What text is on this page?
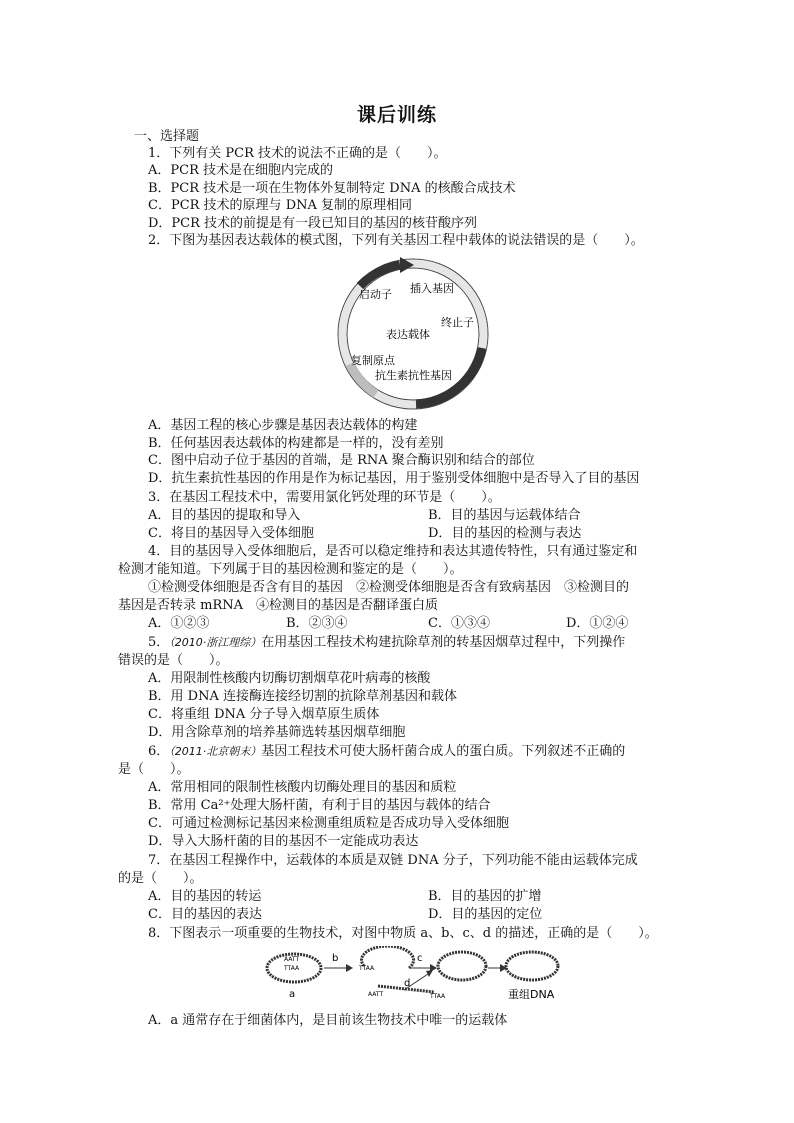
课后训练
一、选择题
1．下列有关 PCR 技术的说法不正确的是（　　）。
A．PCR 技术是在细胞内完成的
B．PCR 技术是一项在生物体外复制特定 DNA 的核酸合成技术
C．PCR 技术的原理与 DNA 复制的原理相同
D．PCR 技术的前提是有一段已知目的基因的核苷酸序列
2．下图为基因表达载体的模式图，下列有关基因工程中载体的说法错误的是（　　）。
启动子 插入基因
终止子
表达载体
复制原点
抗生素抗性基因
A．基因工程的核心步骤是基因表达载体的构建
B．任何基因表达载体的构建都是一样的，没有差别
C．图中启动子位于基因的首端，是 RNA 聚合酶识别和结合的部位
D．抗生素抗性基因的作用是作为标记基因，用于鉴别受体细胞中是否导入了目的基因
3．在基因工程技术中，需要用氯化钙处理的环节是（　　）。
A．目的基因的提取和导入	B．目的基因与运载体结合
C．将目的基因导入受体细胞	D．目的基因的检测与表达
4．目的基因导入受体细胞后，是否可以稳定维持和表达其遗传特性，只有通过鉴定和
检测才能知道。下列属于目的基因检测和鉴定的是（　　）。
①检测受体细胞是否含有目的基因　②检测受体细胞是否含有致病基因　③检测目的
基因是否转录 mRNA　④检测目的基因是否翻译蛋白质
A．①②③	B．②③④	C．①③④	D．①②④
5．（2010·浙江理综）在用基因工程技术构建抗除草剂的转基因烟草过程中，下列操作
错误的是（　　）。
A．用限制性核酸内切酶切割烟草花叶病毒的核酸
B．用 DNA 连接酶连接经切割的抗除草剂基因和载体
C．将重组 DNA 分子导入烟草原生质体
D．用含除草剂的培养基筛选转基因烟草细胞
6．（2011·北京朝末）基因工程技术可使大肠杆菌合成人的蛋白质。下列叙述不正确的
是（　　）。
A．常用相同的限制性核酸内切酶处理目的基因和质粒
B．常用 Ca²⁺处理大肠杆菌，有利于目的基因与载体的结合
C．可通过检测标记基因来检测重组质粒是否成功导入受体细胞
D．导入大肠杆菌的目的基因不一定能成功表达
7．在基因工程操作中，运载体的本质是双链 DNA 分子，下列功能不能由运载体完成
的是（　　）。
A．目的基因的转运	B．目的基因的扩增
C．目的基因的表达	D．目的基因的定位
8．下图表示一项重要的生物技术，对图中物质 a、b、c、d 的描述，正确的是（　　）。
AATT
TTAA
a
b
TTAA
c
AATT	TTAA
d
重组DNA
A．a 通常存在于细菌体内，是目前该生物技术中唯一的运载体
